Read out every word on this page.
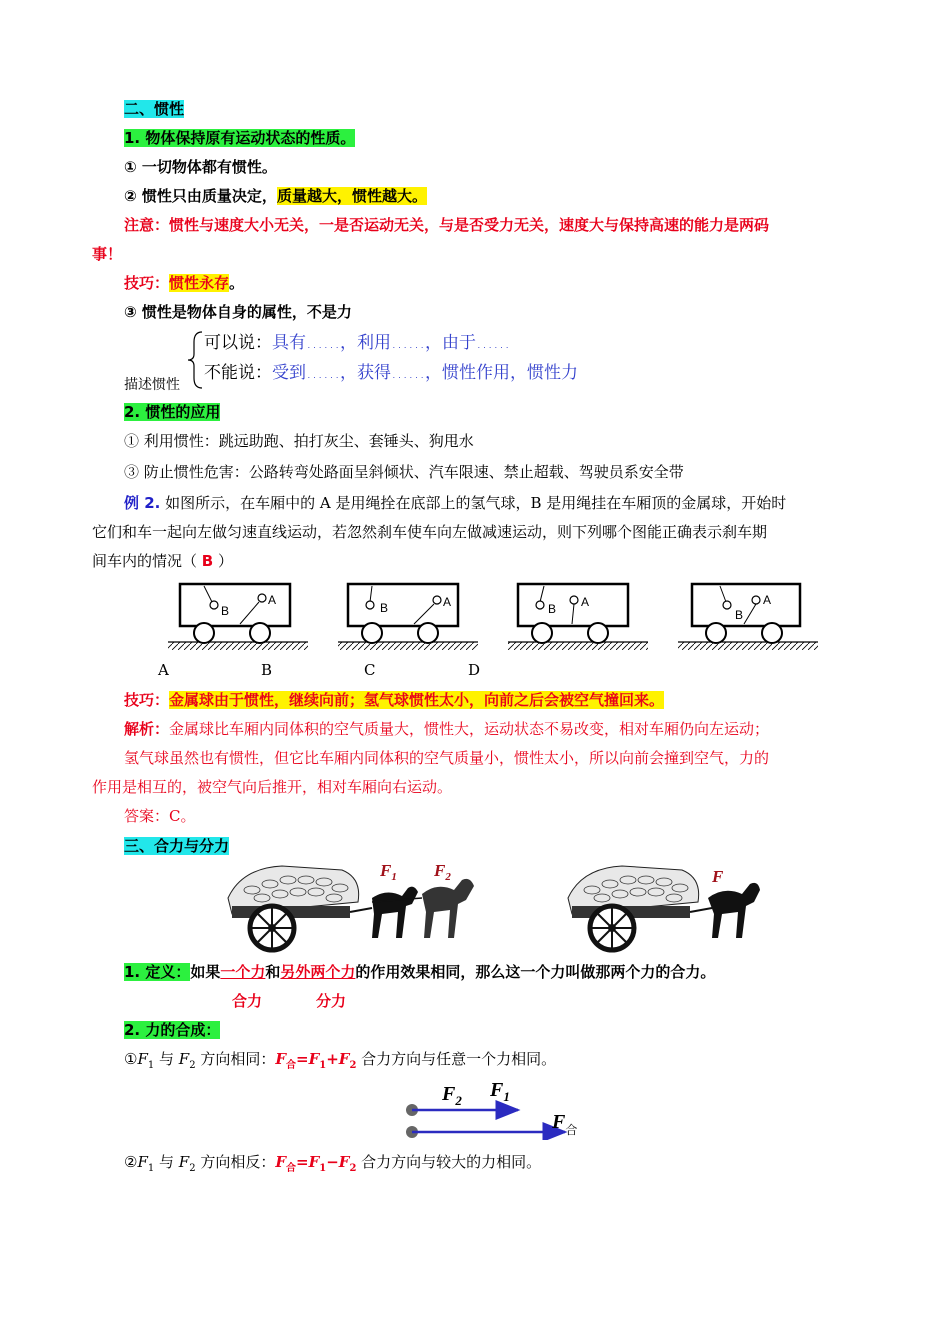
二、惯性
1. 物体保持原有运动状态的性质。
① 一切物体都有惯性。
② 惯性只由质量决定，质量越大，惯性越大。
注意：惯性与速度大小无关，一是否运动无关，与是否受力无关，速度大与保持高速的能力是两码
事！
技巧：惯性永存。
③ 惯性是物体自身的属性，不是力
描述惯性
可以说：具有……，利用……，由于……
不能说：受到……，获得……，惯性作用，惯性力
2. 惯性的应用
① 利用惯性：跳远助跑、拍打灰尘、套锤头、狗甩水
③ 防止惯性危害：公路转弯处路面呈斜倾状、汽车限速、禁止超载、驾驶员系安全带
例 2. 如图所示，在车厢中的 A 是用绳拴在底部上的氢气球，B 是用绳挂在车厢顶的金属球，开始时
它们和车一起向左做匀速直线运动，若忽然刹车使车向左做减速运动，则下列哪个图能正确表示刹车期
间车内的情况（ B ）
B
A
B	A	B A
B
A
A	B	C	D
技巧：金属球由于惯性，继续向前；氢气球惯性太小，向前之后会被空气撞回来。
解析：金属球比车厢内同体积的空气质量大，惯性大，运动状态不易改变，相对车厢仍向左运动；
氢气球虽然也有惯性，但它比车厢内同体积的空气质量小，惯性太小，所以向前会撞到空气，力的
作用是相互的，被空气向后推开，相对车厢向右运动。
答案：C。
三、合力与分力
$F_1$ $F_2$	F
1. 定义：如果一个力和另外两个力的作用效果相同，那么这一个力叫做那两个力的合力。
合力	分力
2. 力的合成：
$①F_1$ 与 $F_2$ 方向相同：$F_合=F_1+F_2$ 合力方向与任意一个力相同。
$F_2$ $F_1$
$F_合$
$②F_1$ 与 $F_2$ 方向相反：$F_合=F_1-F_2$ 合力方向与较大的力相同。
